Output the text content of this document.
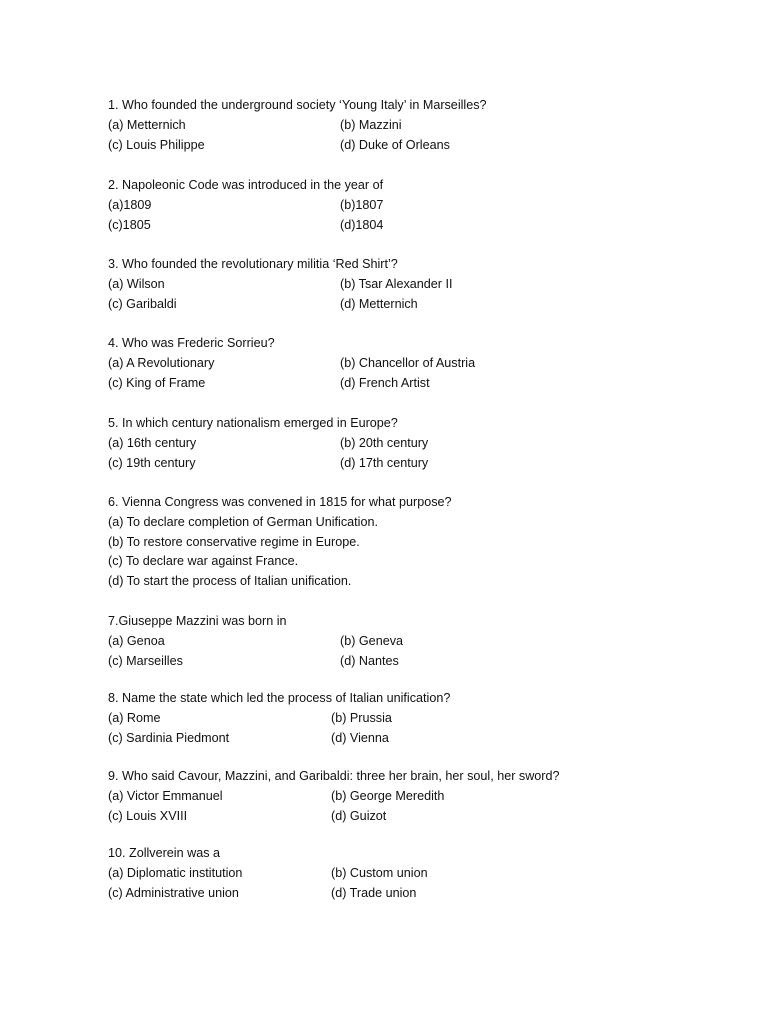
1. Who founded the underground society ‘Young Italy’ in Marseilles?
(a) Metternich	(b) Mazzini
(c) Louis Philippe	(d) Duke of Orleans
2. Napoleonic Code was introduced in the year of
(a)1809	(b)1807
(c)1805	(d)1804
3. Who founded the revolutionary militia ‘Red Shirt’?
(a) Wilson	(b) Tsar Alexander II
(c) Garibaldi	(d) Metternich
4. Who was Frederic Sorrieu?
(a) A Revolutionary	(b) Chancellor of Austria
(c) King of Frame	(d) French Artist
5. In which century nationalism emerged in Europe?
(a) 16th century	(b) 20th century
(c) 19th century	(d) 17th century
6. Vienna Congress was convened in 1815 for what purpose?
(a) To declare completion of German Unification.
(b) To restore conservative regime in Europe.
(c) To declare war against France.
(d) To start the process of Italian unification.
7.Giuseppe Mazzini was born in
(a) Genoa	(b) Geneva
(c) Marseilles	(d) Nantes
8. Name the state which led the process of Italian unification?
(a) Rome	(b) Prussia
(c) Sardinia Piedmont	(d) Vienna
9. Who said Cavour, Mazzini, and Garibaldi: three her brain, her soul, her sword?
(a) Victor Emmanuel	(b) George Meredith
(c) Louis XVIII	(d) Guizot
10. Zollverein was a
(a) Diplomatic institution	(b) Custom union
(c) Administrative union	(d) Trade union
